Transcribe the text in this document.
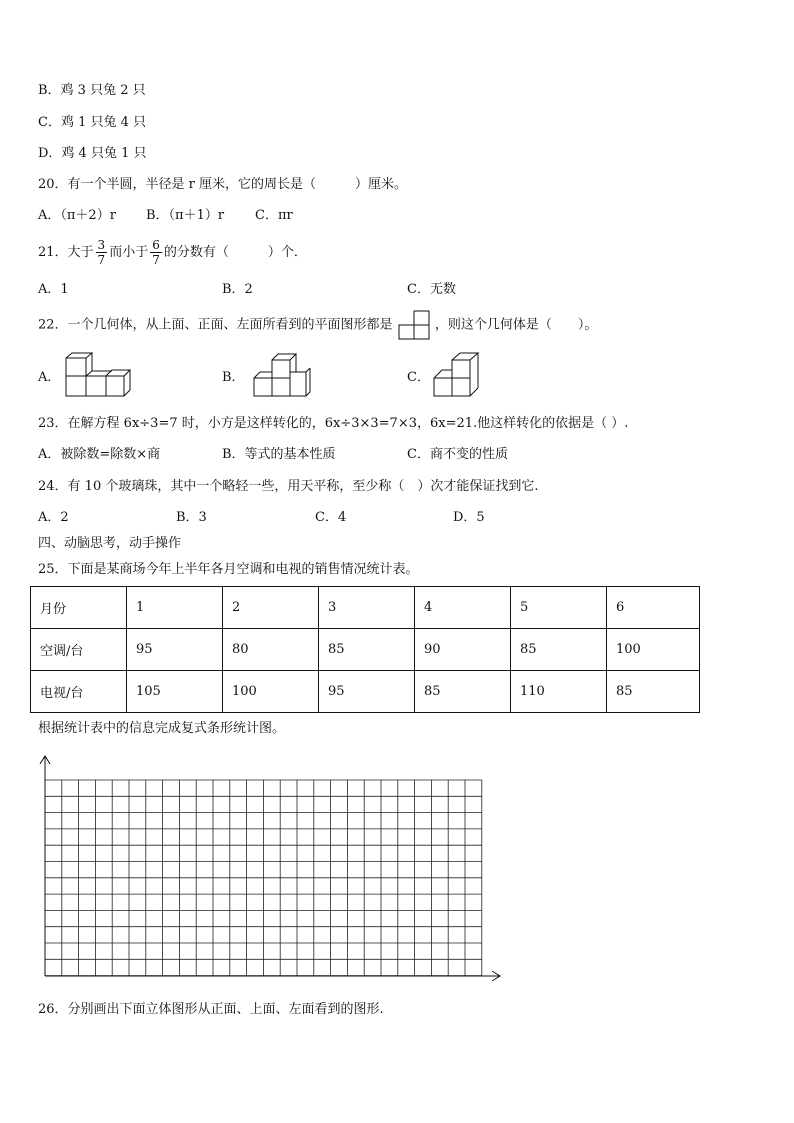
B．鸡 3 只兔 2 只
C．鸡 1 只兔 4 只
D．鸡 4 只兔 1 只
20．有一个半圆，半径是 r 厘米，它的周长是（　　　）厘米。
A．（π＋2）r B．（π＋1）r C．πr
21．大于 $\frac{3}{7}$ 而小于 $\frac{6}{7}$ 的分数有（　　　）个．
A．1	B．2	C．无数
22．一个几何体，从上面、正面、左面所看到的平面图形都是	，则这个几何体是（　　）。
A．	B．	C．
23．在解方程 6x÷3=7 时，小方是这样转化的，6x÷3×3=7×3，6x=21.他这样转化的依据是（ ）.
A．被除数=除数×商	B．等式的基本性质	C．商不变的性质
24．有 10 个玻璃珠，其中一个略轻一些，用天平称，至少称（　）次才能保证找到它.
A．2	B．3	C．4	D．5
四、动脑思考，动手操作
25．下面是某商场今年上半年各月空调和电视的销售情况统计表。
月份	1	2	3	4	5	6
空调/台	95	80	85	90	85	100
电视/台	105	100	95	85	110	85
根据统计表中的信息完成复式条形统计图。
26．分别画出下面立体图形从正面、上面、左面看到的图形.
